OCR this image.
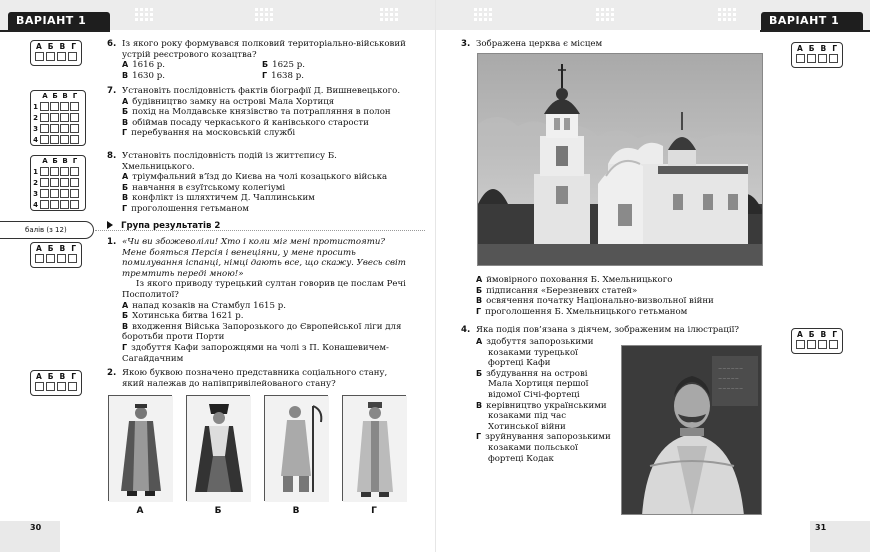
ВАРІАНТ 1
А Б В Г
А Б В Г
1
2
3
4
А Б В Г
1
2
3
4
балів (з 12)
А Б В Г
А Б В Г
6. Із якого року формувався полковий територіально-військовий устрій реєстрового козацтва?
А 1616 р.	Б 1625 р.
В 1630 р.	Г 1638 р.
7. Установіть послідовність фактів біографії Д. Вишневецького.
А будівництво замку на острові Мала Хортиця
Б похід на Молдавське князівство та потрапляння в полон
В обіймав посаду черкаського й канівського старости
Г перебування на московській службі
8. Установіть послідовність подій із життєпису Б. Хмельницького.
А тріумфальний в’їзд до Києва на чолі козацького війська
Б навчання в єзуїтському колегіумі
В конфлікт із шляхтичем Д. Чаплинським
Г проголошення гетьманом
Група результатів 2
1. «Чи ви збожеволіли! Хто і коли міг мені протистояти? Мене бояться Персія і венеціяни, у мене просить помилування іспанці, німці дають все, що скажу. Увесь світ тремтить переді мною!»
Із якого приводу турецький султан говорив це послам Речі Посполитої?
А напад козаків на Стамбул 1615 р.
Б Хотинська битва 1621 р.
В входження Війська Запорозького до Європейської ліги для боротьби проти Порти
Г здобуття Кафи запорожцями на чолі з П. Конашевичем-Сагайдачним
2. Якою буквою позначено представника соціального стану, який належав до напівпривілейованого стану?
А	Б	В	Г
30
ВАРІАНТ 1
3. Зображена церква є місцем	А Б В Г
А ймовірного поховання Б. Хмельницького
Б підписання «Березневих статей»
В освячення початку Національно-визвольної війни
Г проголошення Б. Хмельницького гетьманом
4. Яка подія пов’язана з діячем, зображеним на ілюстрації?	А Б В Г
А здобуття запорозькими козаками турецької фортеці Кафи
Б збудування на острові Мала Хортиця першої відомої Січі-фортеці
В керівництво українськими козаками під час Хотинської війни
Г зруйнування запорозькими козаками польської фортеці Кодак
~~~~~~
~~~~~
~~~~~~
31
